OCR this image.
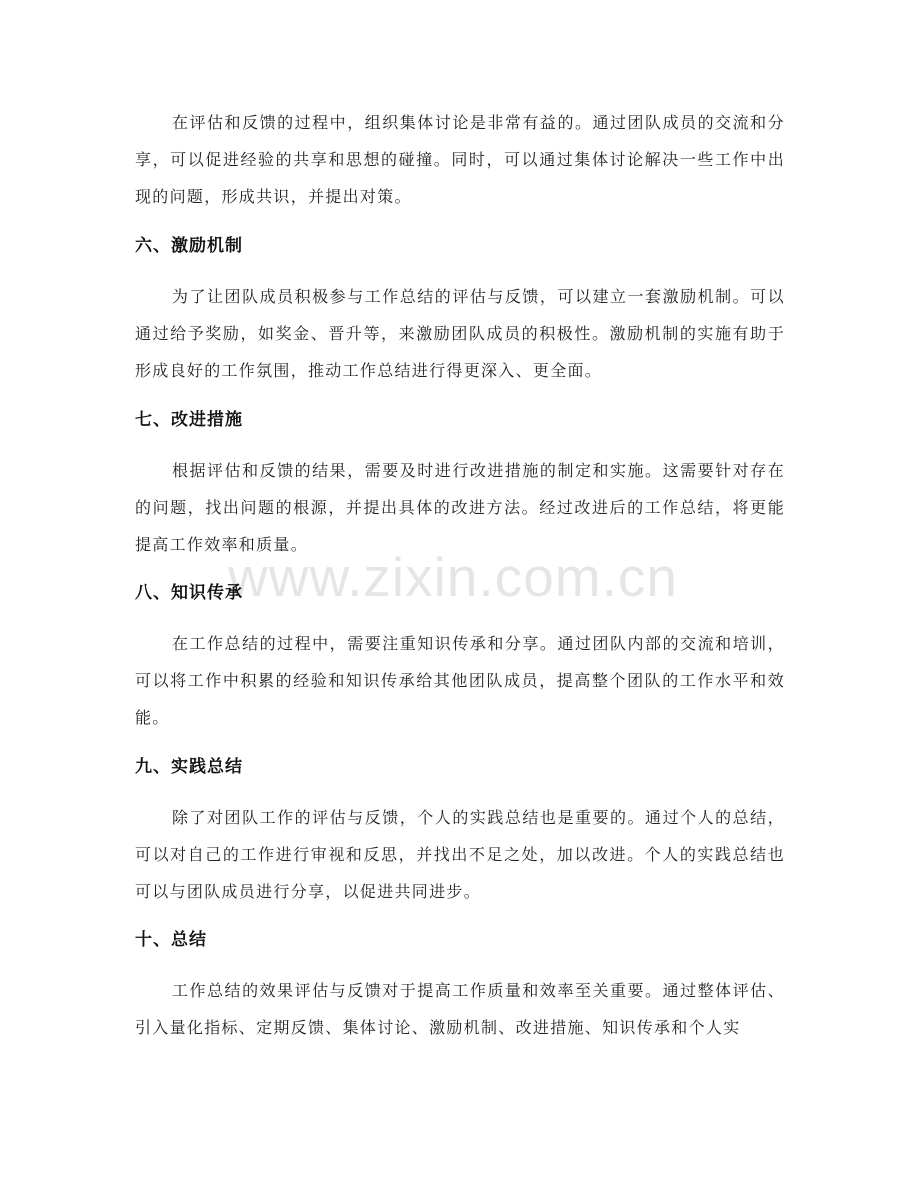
在评估和反馈的过程中，组织集体讨论是非常有益的。通过团队成员的交流和分享，可以促进经验的共享和思想的碰撞。同时，可以通过集体讨论解决一些工作中出现的问题，形成共识，并提出对策。

六、激励机制

为了让团队成员积极参与工作总结的评估与反馈，可以建立一套激励机制。可以通过给予奖励，如奖金、晋升等，来激励团队成员的积极性。激励机制的实施有助于形成良好的工作氛围，推动工作总结进行得更深入、更全面。

七、改进措施

根据评估和反馈的结果，需要及时进行改进措施的制定和实施。这需要针对存在的问题，找出问题的根源，并提出具体的改进方法。经过改进后的工作总结，将更能提高工作效率和质量。

八、知识传承

在工作总结的过程中，需要注重知识传承和分享。通过团队内部的交流和培训，可以将工作中积累的经验和知识传承给其他团队成员，提高整个团队的工作水平和效能。

九、实践总结

除了对团队工作的评估与反馈，个人的实践总结也是重要的。通过个人的总结，可以对自己的工作进行审视和反思，并找出不足之处，加以改进。个人的实践总结也可以与团队成员进行分享，以促进共同进步。

十、总结

工作总结的效果评估与反馈对于提高工作质量和效率至关重要。通过整体评估、引入量化指标、定期反馈、集体讨论、激励机制、改进措施、知识传承和个人实

www.zixin.com.cn
